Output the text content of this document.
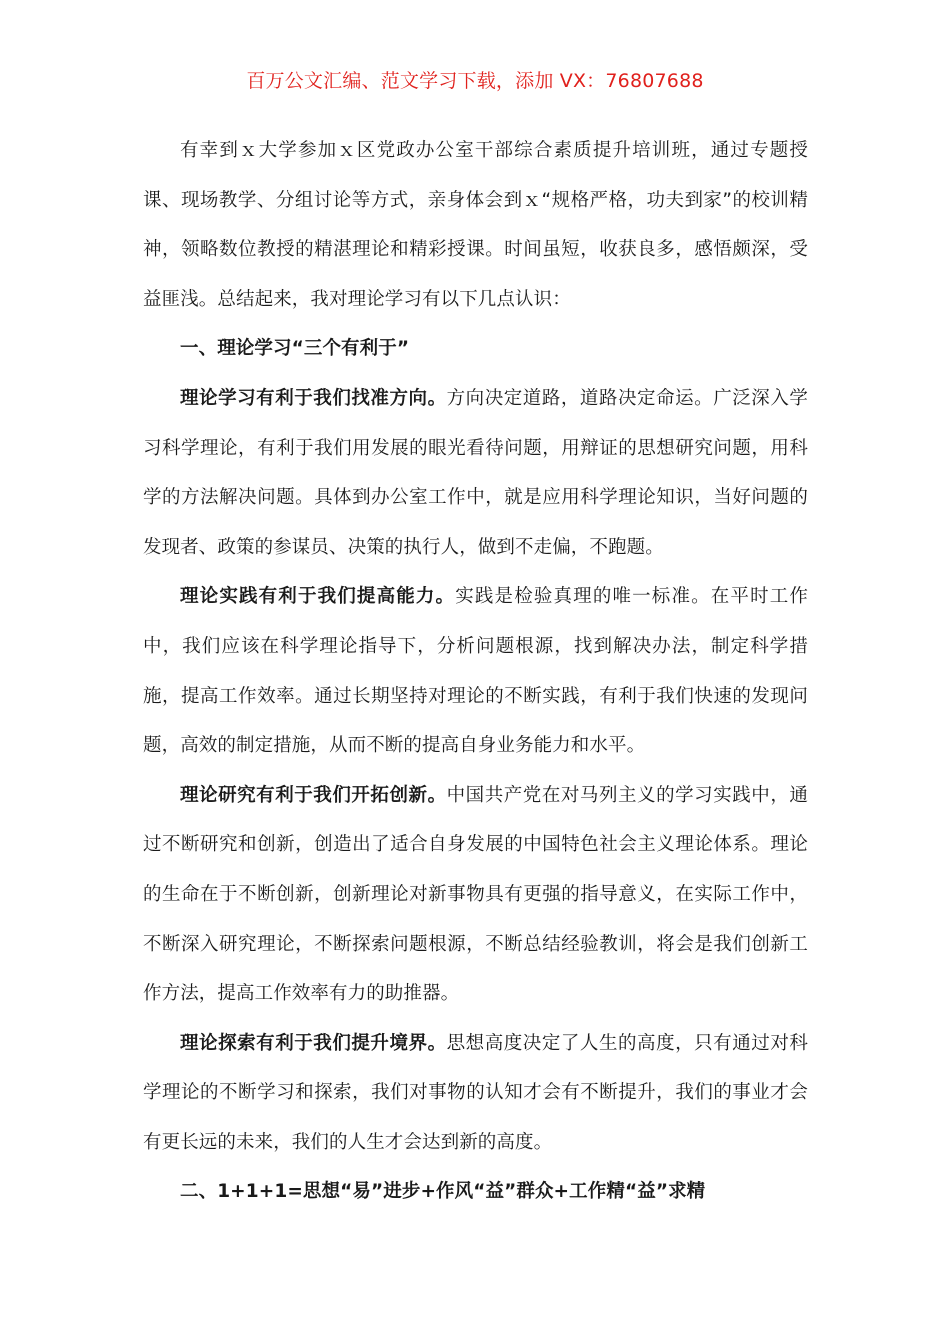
百万公文汇编、范文学习下载，添加 VX：76807688

有幸到ｘ大学参加ｘ区党政办公室干部综合素质提升培训班，通过专题授课、现场教学、分组讨论等方式，亲身体会到ｘ“规格严格，功夫到家”的校训精神，领略数位教授的精湛理论和精彩授课。时间虽短，收获良多，感悟颇深，受益匪浅。总结起来，我对理论学习有以下几点认识：

一、理论学习“三个有利于”

理论学习有利于我们找准方向。方向决定道路，道路决定命运。广泛深入学习科学理论，有利于我们用发展的眼光看待问题，用辩证的思想研究问题，用科学的方法解决问题。具体到办公室工作中，就是应用科学理论知识，当好问题的发现者、政策的参谋员、决策的执行人，做到不走偏，不跑题。

理论实践有利于我们提高能力。实践是检验真理的唯一标准。在平时工作中，我们应该在科学理论指导下，分析问题根源，找到解决办法，制定科学措施，提高工作效率。通过长期坚持对理论的不断实践，有利于我们快速的发现问题，高效的制定措施，从而不断的提高自身业务能力和水平。

理论研究有利于我们开拓创新。中国共产党在对马列主义的学习实践中，通过不断研究和创新，创造出了适合自身发展的中国特色社会主义理论体系。理论的生命在于不断创新，创新理论对新事物具有更强的指导意义，在实际工作中，不断深入研究理论，不断探索问题根源，不断总结经验教训，将会是我们创新工作方法，提高工作效率有力的助推器。

理论探索有利于我们提升境界。思想高度决定了人生的高度，只有通过对科学理论的不断学习和探索，我们对事物的认知才会有不断提升，我们的事业才会有更长远的未来，我们的人生才会达到新的高度。

二、1+1+1=思想“易”进步+作风“益”群众+工作精“益”求精
